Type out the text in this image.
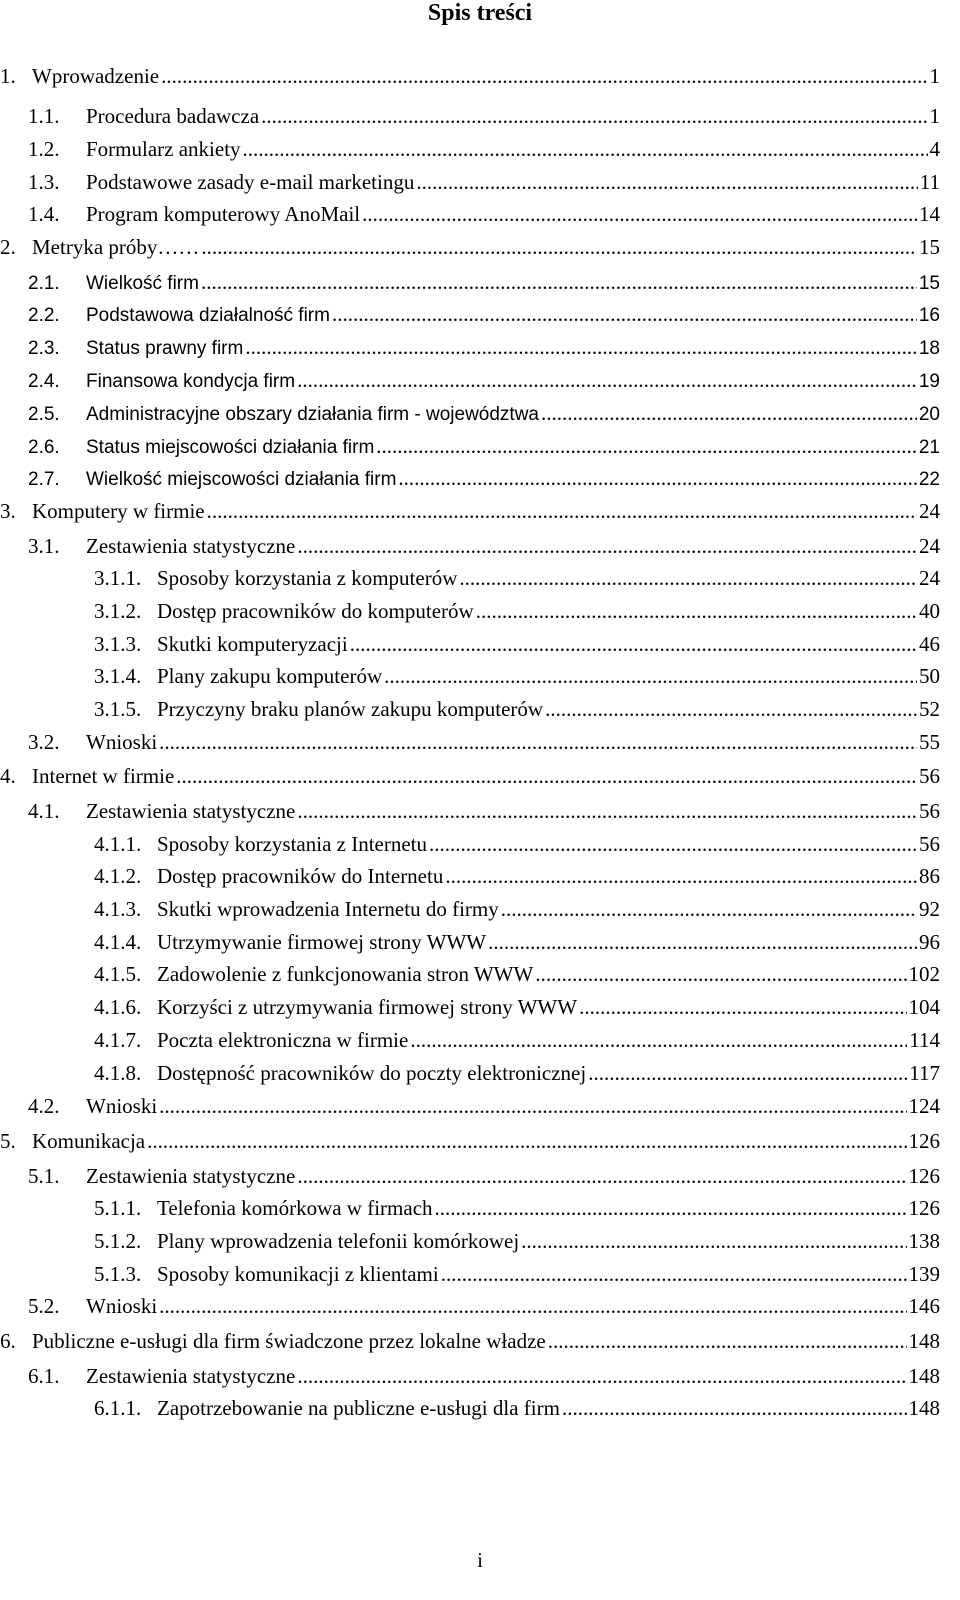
Spis treści
1. Wprowadzenie .....	1
1.1.	Procedura badawcza .....	1
1.2.	Formularz ankiety .....	4
1.3.	Podstawowe zasady e-mail marketingu .....	11
1.4.	Program komputerowy AnoMail .....	14
2. Metryka próby…… .....	15
2.1.	Wielkość firm .....	15
2.2.	Podstawowa działalność firm .....	16
2.3.	Status prawny firm .....	18
2.4.	Finansowa kondycja firm .....	19
2.5.	Administracyjne obszary działania firm - województwa .....	20
2.6.	Status miejscowości działania firm .....	21
2.7.	Wielkość miejscowości działania firm .....	22
3. Komputery w firmie .....	24
3.1.	Zestawienia statystyczne .....	24
3.1.1. Sposoby korzystania z komputerów .....	24
3.1.2. Dostęp pracowników do komputerów .....	40
3.1.3. Skutki komputeryzacji .....	46
3.1.4. Plany zakupu komputerów .....	50
3.1.5. Przyczyny braku planów zakupu komputerów .....	52
3.2.	Wnioski .....	55
4. Internet w firmie .....	56
4.1.	Zestawienia statystyczne .....	56
4.1.1. Sposoby korzystania z Internetu .....	56
4.1.2. Dostęp pracowników do Internetu .....	86
4.1.3. Skutki wprowadzenia Internetu do firmy .....	92
4.1.4. Utrzymywanie firmowej strony WWW .....	96
4.1.5. Zadowolenie z funkcjonowania stron WWW .....	102
4.1.6. Korzyści z utrzymywania firmowej strony WWW .....	104
4.1.7. Poczta elektroniczna w firmie .....	114
4.1.8. Dostępność pracowników do poczty elektronicznej .....	117
4.2.	Wnioski .....	124
5. Komunikacja .....	126
5.1.	Zestawienia statystyczne .....	126
5.1.1. Telefonia komórkowa w firmach .....	126
5.1.2. Plany wprowadzenia telefonii komórkowej .....	138
5.1.3. Sposoby komunikacji z klientami .....	139
5.2.	Wnioski .....	146
6. Publiczne e-usługi dla firm świadczone przez lokalne władze .....	148
6.1.	Zestawienia statystyczne .....	148
6.1.1. Zapotrzebowanie na publiczne e-usługi dla firm .....	148
i
